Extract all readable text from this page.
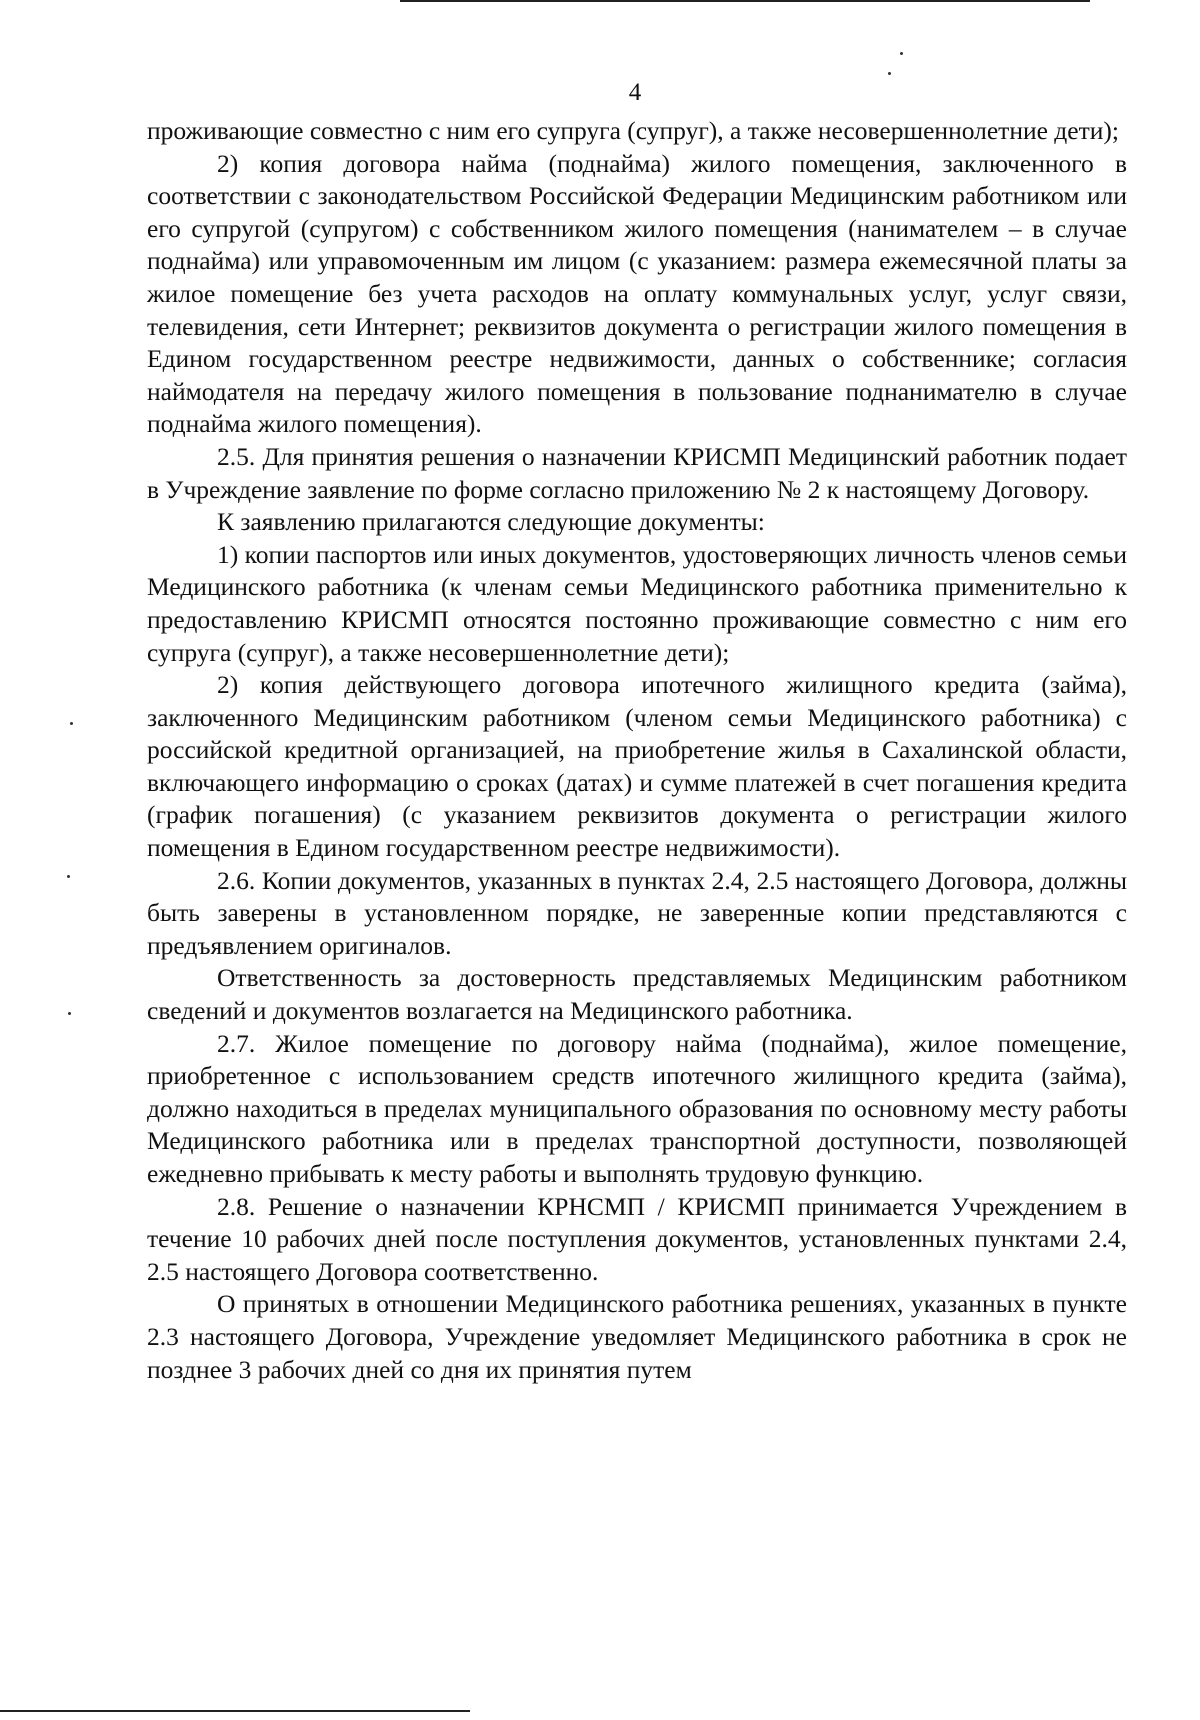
4

проживающие совместно с ним его супруга (супруг), а также несовершеннолетние дети);

2) копия договора найма (поднайма) жилого помещения, заключенного в соответствии с законодательством Российской Федерации Медицинским работником или его супругой (супругом) с собственником жилого помещения (нанимателем – в случае поднайма) или управомоченным им лицом (с указанием: размера ежемесячной платы за жилое помещение без учета расходов на оплату коммунальных услуг, услуг связи, телевидения, сети Интернет; реквизитов документа о регистрации жилого помещения в Едином государственном реестре недвижимости, данных о собственнике; согласия наймодателя на передачу жилого помещения в пользование поднанимателю в случае поднайма жилого помещения).

2.5. Для принятия решения о назначении КРИСМП Медицинский работник подает в Учреждение заявление по форме согласно приложению № 2 к настоящему Договору.

К заявлению прилагаются следующие документы:

1) копии паспортов или иных документов, удостоверяющих личность членов семьи Медицинского работника (к членам семьи Медицинского работника применительно к предоставлению КРИСМП относятся постоянно проживающие совместно с ним его супруга (супруг), а также несовершеннолетние дети);

2) копия действующего договора ипотечного жилищного кредита (займа), заключенного Медицинским работником (членом семьи Медицинского работника) с российской кредитной организацией, на приобретение жилья в Сахалинской области, включающего информацию о сроках (датах) и сумме платежей в счет погашения кредита (график погашения) (с указанием реквизитов документа о регистрации жилого помещения в Едином государственном реестре недвижимости).

2.6. Копии документов, указанных в пунктах 2.4, 2.5 настоящего Договора, должны быть заверены в установленном порядке, не заверенные копии представляются с предъявлением оригиналов.

Ответственность за достоверность представляемых Медицинским работником сведений и документов возлагается на Медицинского работника.

2.7. Жилое помещение по договору найма (поднайма), жилое помещение, приобретенное с использованием средств ипотечного жилищного кредита (займа), должно находиться в пределах муниципального образования по основному месту работы Медицинского работника или в пределах транспортной доступности, позволяющей ежедневно прибывать к месту работы и выполнять трудовую функцию.

2.8. Решение о назначении КРНСМП / КРИСМП принимается Учреждением в течение 10 рабочих дней после поступления документов, установленных пунктами 2.4, 2.5 настоящего Договора соответственно.

О принятых в отношении Медицинского работника решениях, указанных в пункте 2.3 настоящего Договора, Учреждение уведомляет Медицинского работника в срок не позднее 3 рабочих дней со дня их принятия путем
